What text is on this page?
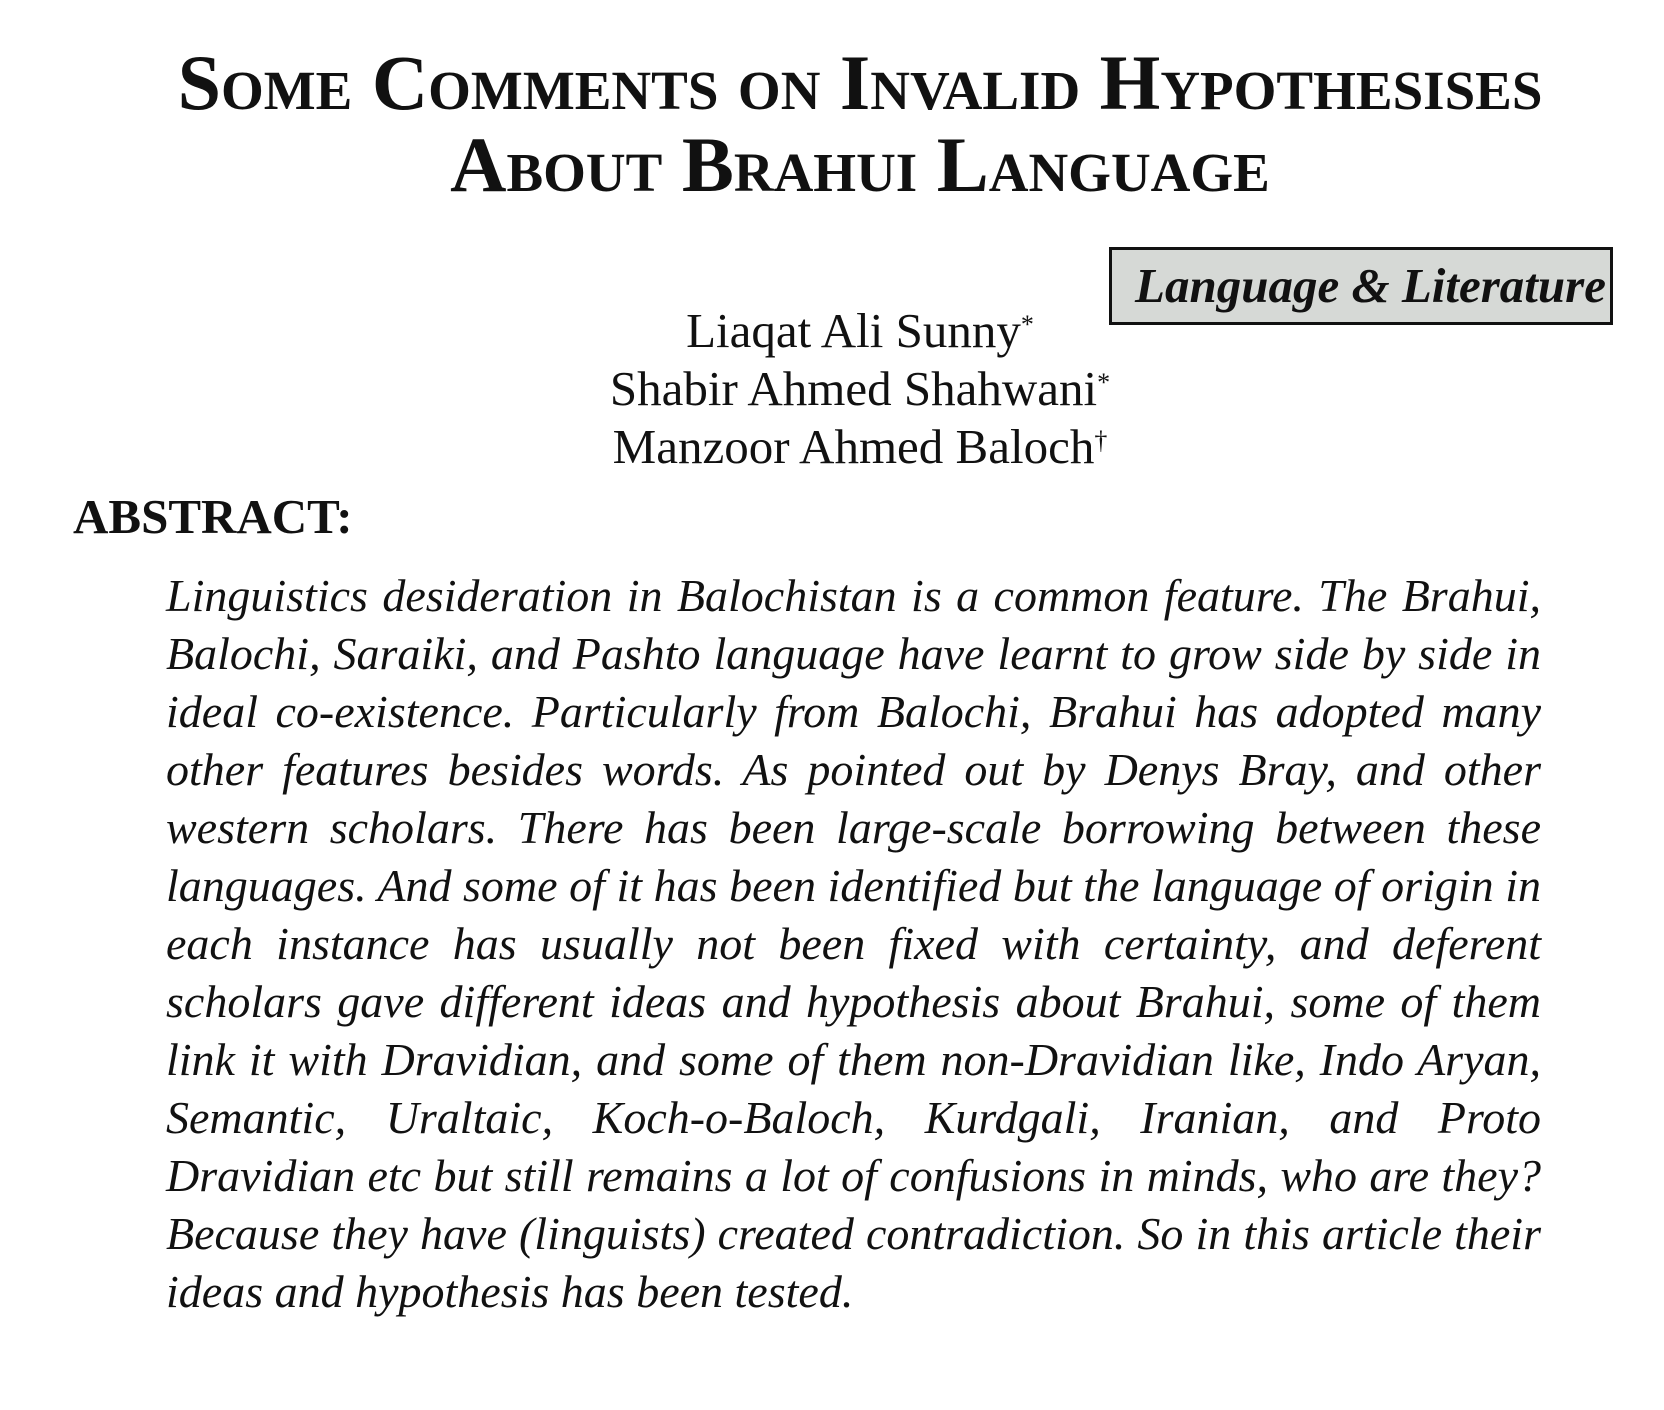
Some Comments on Invalid Hypothesises
About Brahui Language
Language & Literature
Liaqat Ali Sunny*
Shabir Ahmed Shahwani*
Manzoor Ahmed Baloch†
ABSTRACT:
Linguistics desideration in Balochistan is a common feature. The Brahui, Balochi, Saraiki, and Pashto language have learnt to grow side by side in ideal co-existence. Particularly from Balochi, Brahui has adopted many other features besides words. As pointed out by Denys Bray, and other western scholars. There has been large-scale borrowing between these languages. And some of it has been identified but the language of origin in each instance has usually not been fixed with certainty, and deferent scholars gave different ideas and hypothesis about Brahui, some of them link it with Dravidian, and some of them non-Dravidian like, Indo Aryan, Semantic, Uraltaic, Koch-o-Baloch, Kurdgali, Iranian, and Proto Dravidian etc but still remains a lot of confusions in minds, who are they? Because they have (linguists) created contradiction. So in this article their ideas and hypothesis has been tested.
